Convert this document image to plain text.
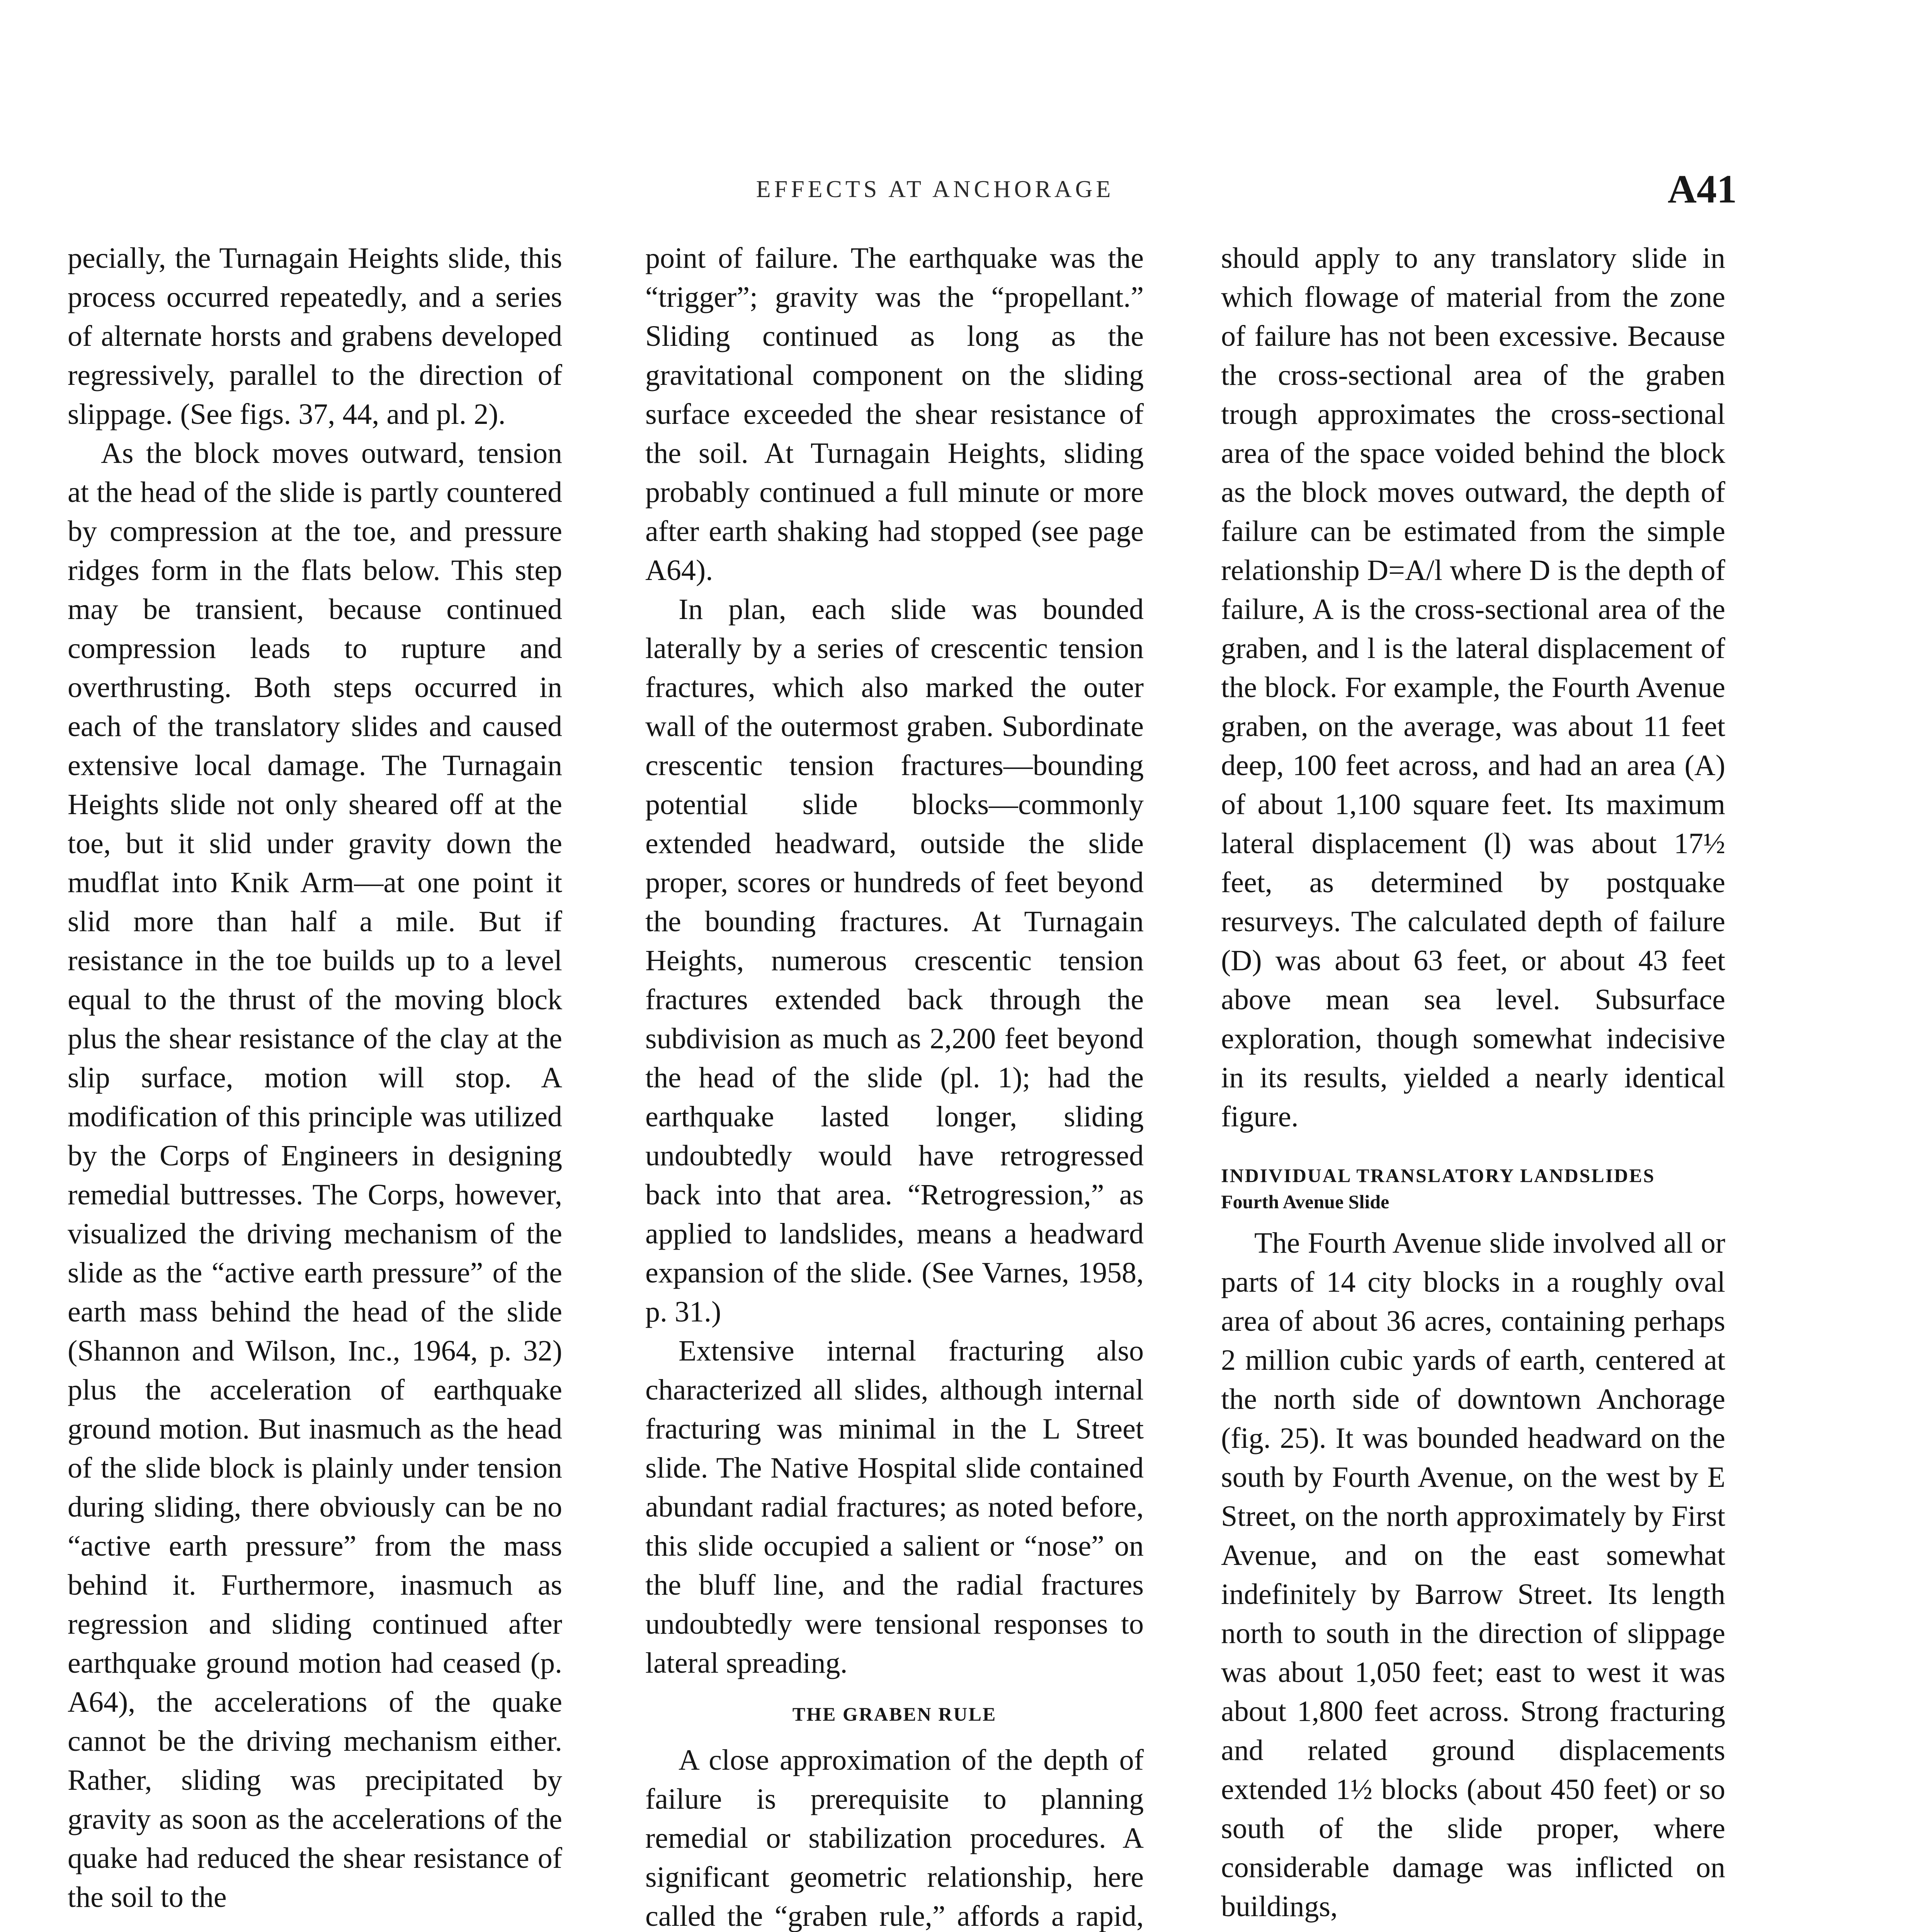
EFFECTS AT ANCHORAGE	A41

pecially, the Turnagain Heights slide, this process occurred repeatedly, and a series of alternate horsts and grabens developed regressively, parallel to the direction of slippage. (See figs. 37, 44, and pl. 2).

As the block moves outward, tension at the head of the slide is partly countered by compression at the toe, and pressure ridges form in the flats below. This step may be transient, because continued compression leads to rupture and overthrusting. Both steps occurred in each of the translatory slides and caused extensive local damage. The Turnagain Heights slide not only sheared off at the toe, but it slid under gravity down the mudflat into Knik Arm—at one point it slid more than half a mile. But if resistance in the toe builds up to a level equal to the thrust of the moving block plus the shear resistance of the clay at the slip surface, motion will stop. A modification of this principle was utilized by the Corps of Engineers in designing remedial buttresses. The Corps, however, visualized the driving mechanism of the slide as the “active earth pressure” of the earth mass behind the head of the slide (Shannon and Wilson, Inc., 1964, p. 32) plus the acceleration of earthquake ground motion. But inasmuch as the head of the slide block is plainly under tension during sliding, there obviously can be no “active earth pressure” from the mass behind it. Furthermore, inasmuch as regression and sliding continued after earthquake ground motion had ceased (p. A64), the accelerations of the quake cannot be the driving mechanism either. Rather, sliding was precipitated by gravity as soon as the accelerations of the quake had reduced the shear resistance of the soil to the

point of failure. The earthquake was the “trigger”; gravity was the “propellant.” Sliding continued as long as the gravitational component on the sliding surface exceeded the shear resistance of the soil. At Turnagain Heights, sliding probably continued a full minute or more after earth shaking had stopped (see page A64).

In plan, each slide was bounded laterally by a series of crescentic tension fractures, which also marked the outer wall of the outermost graben. Subordinate crescentic tension fractures—bounding potential slide blocks—commonly extended headward, outside the slide proper, scores or hundreds of feet beyond the bounding fractures. At Turnagain Heights, numerous crescentic tension fractures extended back through the subdivision as much as 2,200 feet beyond the head of the slide (pl. 1); had the earthquake lasted longer, sliding undoubtedly would have retrogressed back into that area. “Retrogression,” as applied to landslides, means a headward expansion of the slide. (See Varnes, 1958, p. 31.)

Extensive internal fracturing also characterized all slides, although internal fracturing was minimal in the L Street slide. The Native Hospital slide contained abundant radial fractures; as noted before, this slide occupied a salient or “nose” on the bluff line, and the radial fractures undoubtedly were tensional responses to lateral spreading.

THE GRABEN RULE

A close approximation of the depth of failure is prerequisite to planning remedial or stabilization procedures. A significant geometric relationship, here called the “graben rule,” affords a rapid,

should apply to any translatory slide in which flowage of material from the zone of failure has not been excessive. Because the cross-sectional area of the graben trough approximates the cross-sectional area of the space voided behind the block as the block moves outward, the depth of failure can be estimated from the simple relationship D=A/l where D is the depth of failure, A is the cross-sectional area of the graben, and l is the lateral displacement of the block. For example, the Fourth Avenue graben, on the average, was about 11 feet deep, 100 feet across, and had an area (A) of about 1,100 square feet. Its maximum lateral displacement (l) was about 17½ feet, as determined by postquake resurveys. The calculated depth of failure (D) was about 63 feet, or about 43 feet above mean sea level. Subsurface exploration, though somewhat indecisive in its results, yielded a nearly identical figure.

INDIVIDUAL TRANSLATORY LANDSLIDES
Fourth Avenue Slide

The Fourth Avenue slide involved all or parts of 14 city blocks in a roughly oval area of about 36 acres, containing perhaps 2 million cubic yards of earth, centered at the north side of downtown Anchorage (fig. 25). It was bounded headward on the south by Fourth Avenue, on the west by E Street, on the north approximately by First Avenue, and on the east somewhat indefinitely by Barrow Street. Its length north to south in the direction of slippage was about 1,050 feet; east to west it was about 1,800 feet across. Strong fracturing and related ground displacements extended 1½ blocks (about 450 feet) or so south of the slide proper, where considerable damage was inflicted on buildings,
